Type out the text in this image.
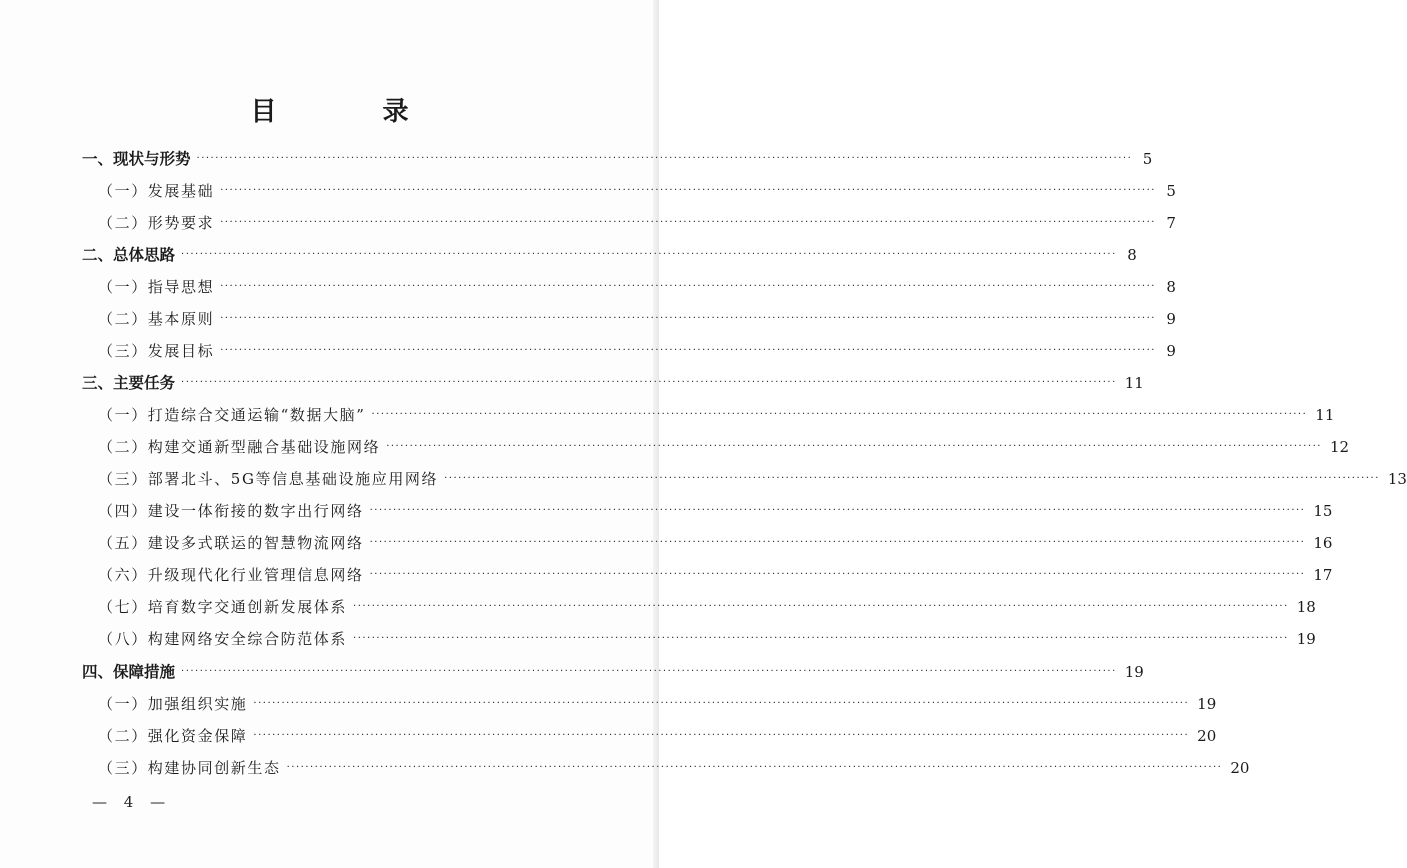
目　录
一、现状与形势 ········································································································································································································ 5
（一）发展基础 ········································································································································································································ 5
（二）形势要求 ········································································································································································································ 7
二、总体思路 ········································································································································································································ 8
（一）指导思想 ········································································································································································································ 8
（二）基本原则 ········································································································································································································ 9
（三）发展目标 ········································································································································································································ 9
三、主要任务 ········································································································································································································ 11
（一）打造综合交通运输“数据大脑” ········································································································································································································ 11
（二）构建交通新型融合基础设施网络 ········································································································································································································ 12
（三）部署北斗、5G等信息基础设施应用网络 ········································································································································································································ 13
（四）建设一体衔接的数字出行网络 ········································································································································································································ 15
（五）建设多式联运的智慧物流网络 ········································································································································································································ 16
（六）升级现代化行业管理信息网络 ········································································································································································································ 17
（七）培育数字交通创新发展体系 ········································································································································································································ 18
（八）构建网络安全综合防范体系 ········································································································································································································ 19
四、保障措施 ········································································································································································································ 19
（一）加强组织实施 ········································································································································································································ 19
（二）强化资金保障 ········································································································································································································ 20
（三）构建协同创新生态 ········································································································································································································ 20

— 4 —
